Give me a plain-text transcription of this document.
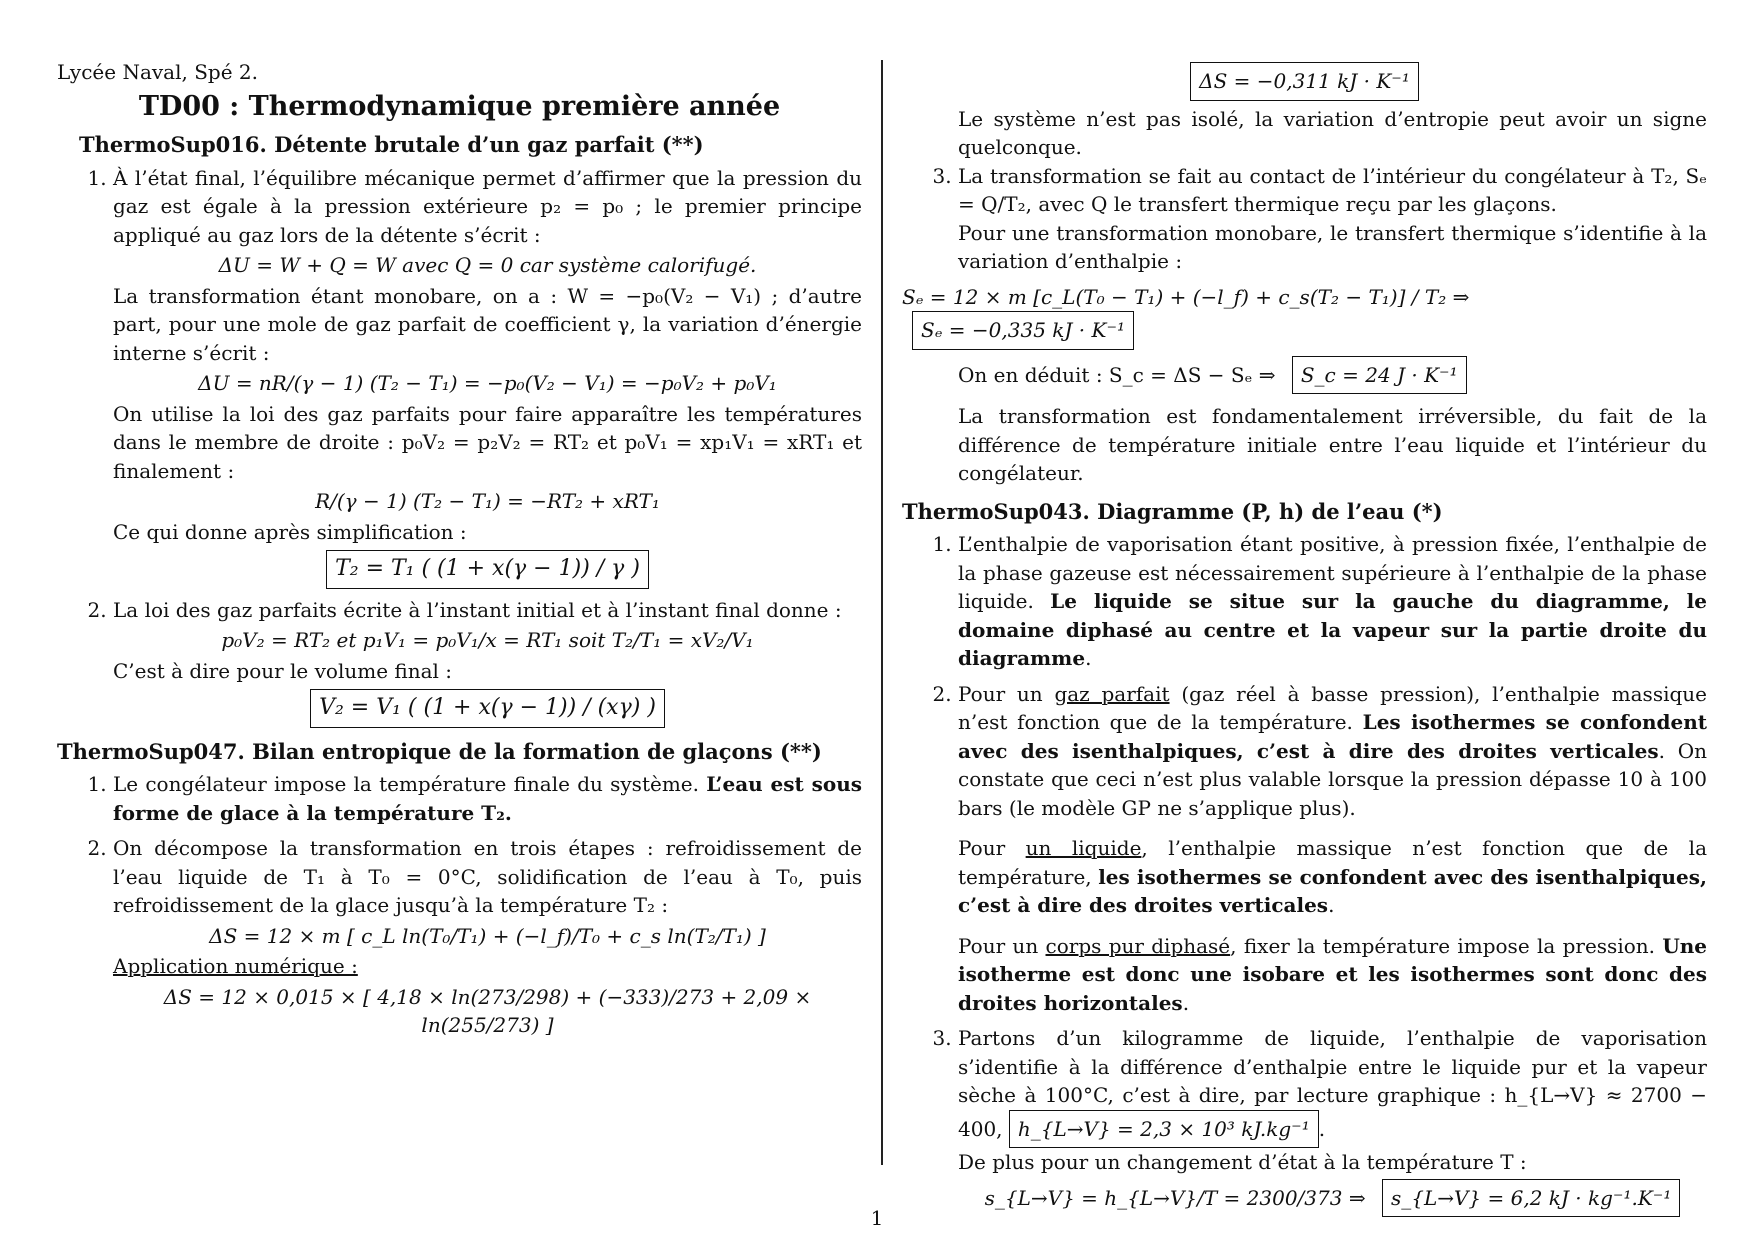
Lycée Naval, Spé 2.
TD00 : Thermodynamique première année
ThermoSup016. Détente brutale d’un gaz parfait (**)

1. À l’état final, l’équilibre mécanique permet d’affirmer que la pression du gaz est égale à la pression extérieure p₂ = p₀ ; le premier principe appliqué au gaz lors de la détente s’écrit :

ΔU = W + Q = W avec Q = 0 car système calorifugé.

La transformation étant monobare, on a : W = −p₀(V₂ − V₁) ; d’autre part, pour une mole de gaz parfait de coefficient γ, la variation d’énergie interne s’écrit :

ΔU = nR/(γ − 1) (T₂ − T₁) = −p₀(V₂ − V₁) = −p₀V₂ + p₀V₁

On utilise la loi des gaz parfaits pour faire apparaître les températures dans le membre de droite : p₀V₂ = p₂V₂ = RT₂ et p₀V₁ = xp₁V₁ = xRT₁ et finalement :

R/(γ − 1) (T₂ − T₁) = −RT₂ + xRT₁

Ce qui donne après simplification :

T₂ = T₁ ( (1 + x(γ − 1)) / γ )

2. La loi des gaz parfaits écrite à l’instant initial et à l’instant final donne :

p₀V₂ = RT₂ et p₁V₁ = p₀V₁/x = RT₁ soit T₂/T₁ = xV₂/V₁

C’est à dire pour le volume final :

V₂ = V₁ ( (1 + x(γ − 1)) / (xγ) )
ThermoSup047. Bilan entropique de la formation de glaçons (**)
1. Le congélateur impose la température finale du système. L’eau est sous forme de glace à la température T₂.

2. On décompose la transformation en trois étapes : refroidissement de l’eau liquide de T₁ à T₀ = 0°C, solidification de l’eau à T₀, puis refroidissement de la glace jusqu’à la température T₂ :

ΔS = 12 × m [ c_L ln(T₀/T₁) + (−l_f)/T₀ + c_s ln(T₂/T₁) ]

Application numérique :

ΔS = 12 × 0,015 × [ 4,18 × ln(273/298) + (−333)/273 + 2,09 × ln(255/273) ]
ΔS = −0,311 kJ · K⁻¹

Le système n’est pas isolé, la variation d’entropie peut avoir un signe quelconque.

3. La transformation se fait au contact de l’intérieur du congélateur à T₂, Sₑ = Q/T₂, avec Q le transfert thermique reçu par les glaçons.

Pour une transformation monobare, le transfert thermique s’identifie à la variation d’enthalpie :

Sₑ = 12 × m [c_L(T₀ − T₁) + (−l_f) + c_s(T₂ − T₁)] / T₂ ⇒ Sₑ = −0,335 kJ · K⁻¹
On en déduit : S_c = ΔS − Sₑ ⇒ S_c = 24 J · K⁻¹

La transformation est fondamentalement irréversible, du fait de la différence de température initiale entre l’eau liquide et l’intérieur du congélateur.

ThermoSup043. Diagramme (P, h) de l’eau (*)
1. L’enthalpie de vaporisation étant positive, à pression fixée, l’enthalpie de la phase gazeuse est nécessairement supérieure à l’enthalpie de la phase liquide. Le liquide se situe sur la gauche du diagramme, le domaine diphasé au centre et la vapeur sur la partie droite du diagramme.

2. Pour un gaz parfait (gaz réel à basse pression), l’enthalpie massique n’est fonction que de la température. Les isothermes se confondent avec des isenthalpiques, c’est à dire des droites verticales. On constate que ceci n’est plus valable lorsque la pression dépasse 10 à 100 bars (le modèle GP ne s’applique plus).

Pour un liquide, l’enthalpie massique n’est fonction que de la température, les isothermes se confondent avec des isenthalpiques, c’est à dire des droites verticales.

Pour un corps pur diphasé, fixer la température impose la pression. Une isotherme est donc une isobare et les isothermes sont donc des droites horizontales.

3. Partons d’un kilogramme de liquide, l’enthalpie de vaporisation s’identifie à la différence d’enthalpie entre le liquide pur et la vapeur sèche à 100°C, c’est à dire, par lecture graphique : h_{L→V} ≈ 2700 − 400, h_{L→V} = 2,3 × 10³ kJ.kg⁻¹ .

De plus pour un changement d’état à la température T :

s_{L→V} = h_{L→V}/T = 2300/373 ⇒ s_{L→V} = 6,2 kJ · kg⁻¹.K⁻¹
1
